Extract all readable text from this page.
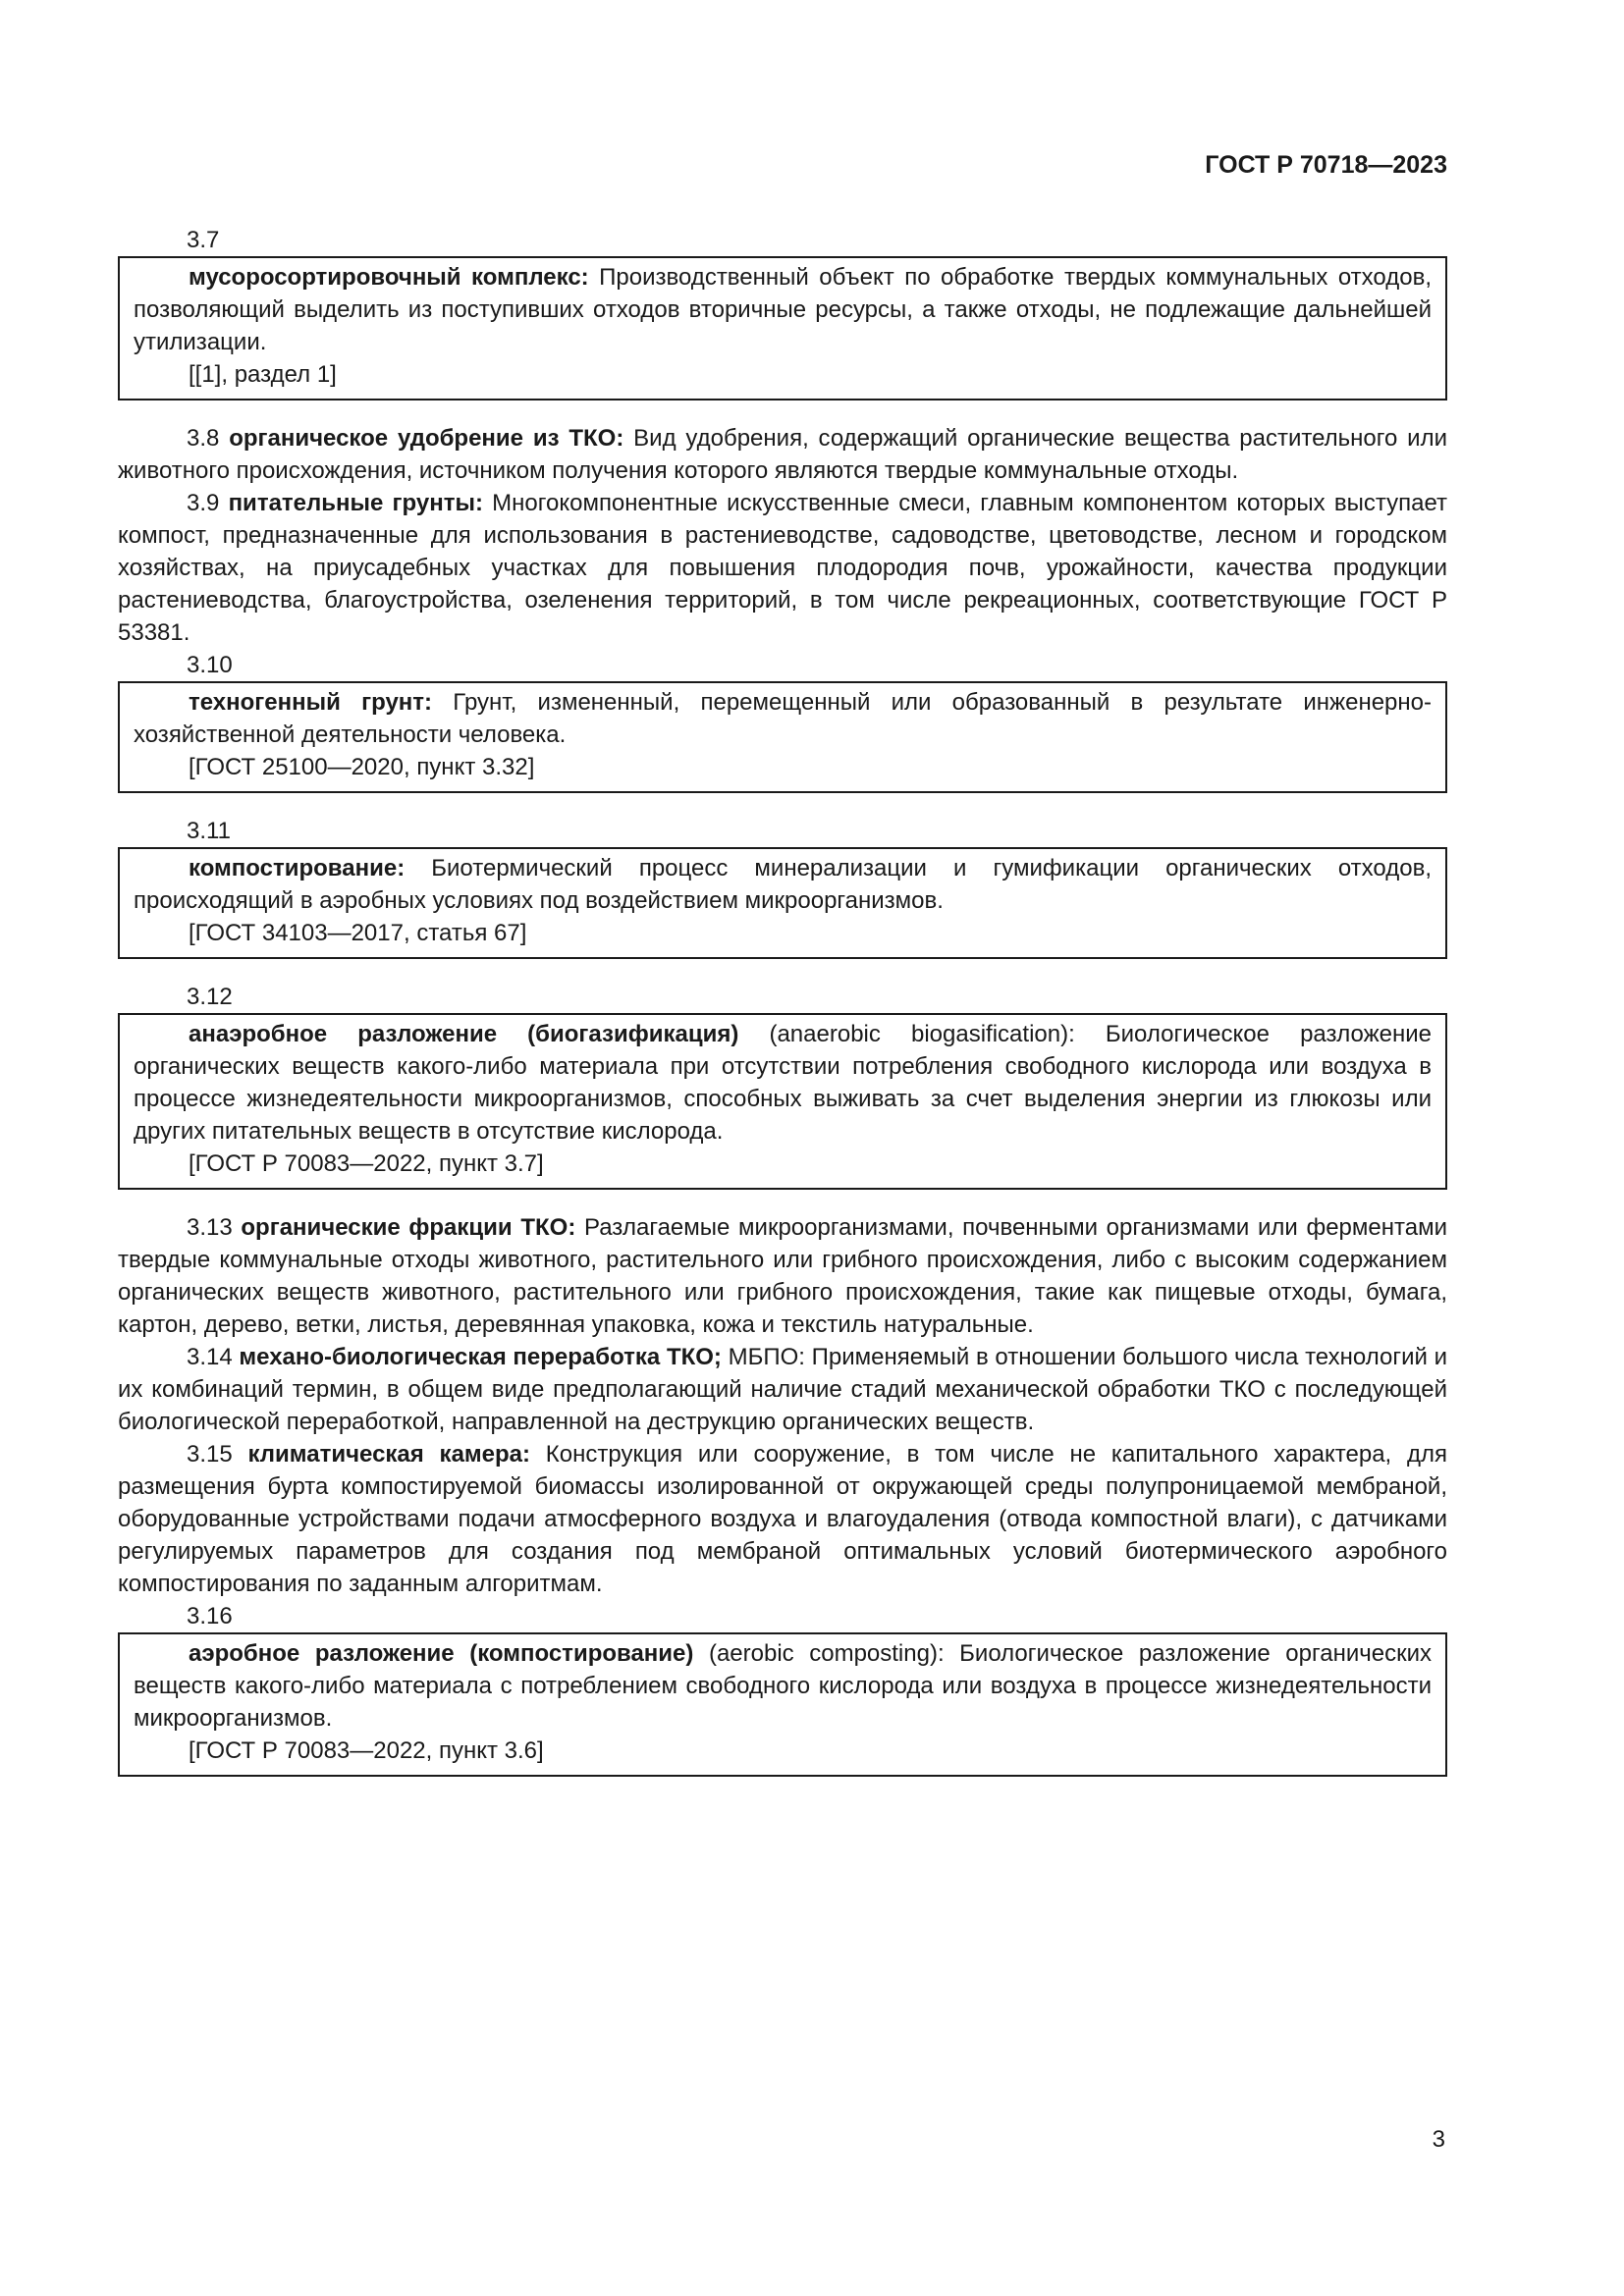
ГОСТ Р 70718—2023

3.7

мусоросортировочный комплекс: Производственный объект по обработке твердых коммунальных отходов, позволяющий выделить из поступивших отходов вторичные ресурсы, а также отходы, не подлежащие дальнейшей утилизации.

[[1], раздел 1]

3.8 органическое удобрение из ТКО: Вид удобрения, содержащий органические вещества растительного или животного происхождения, источником получения которого являются твердые коммунальные отходы.

3.9 питательные грунты: Многокомпонентные искусственные смеси, главным компонентом которых выступает компост, предназначенные для использования в растениеводстве, садоводстве, цветоводстве, лесном и городском хозяйствах, на приусадебных участках для повышения плодородия почв, урожайности, качества продукции растениеводства, благоустройства, озеленения территорий, в том числе рекреационных, соответствующие ГОСТ Р 53381.

3.10

техногенный грунт: Грунт, измененный, перемещенный или образованный в результате инженерно-хозяйственной деятельности человека.

[ГОСТ 25100—2020, пункт 3.32]

3.11

компостирование: Биотермический процесс минерализации и гумификации органических отходов, происходящий в аэробных условиях под воздействием микроорганизмов.

[ГОСТ 34103—2017, статья 67]

3.12

анаэробное разложение (биогазификация) (anaerobic biogasification): Биологическое разложение органических веществ какого-либо материала при отсутствии потребления свободного кислорода или воздуха в процессе жизнедеятельности микроорганизмов, способных выживать за счет выделения энергии из глюкозы или других питательных веществ в отсутствие кислорода.

[ГОСТ Р 70083—2022, пункт 3.7]

3.13 органические фракции ТКО: Разлагаемые микроорганизмами, почвенными организмами или ферментами твердые коммунальные отходы животного, растительного или грибного происхождения, либо с высоким содержанием органических веществ животного, растительного или грибного происхождения, такие как пищевые отходы, бумага, картон, дерево, ветки, листья, деревянная упаковка, кожа и текстиль натуральные.

3.14 механо-биологическая переработка ТКО; МБПО: Применяемый в отношении большого числа технологий и их комбинаций термин, в общем виде предполагающий наличие стадий механической обработки ТКО с последующей биологической переработкой, направленной на деструкцию органических веществ.

3.15 климатическая камера: Конструкция или сооружение, в том числе не капитального характера, для размещения бурта компостируемой биомассы изолированной от окружающей среды полупроницаемой мембраной, оборудованные устройствами подачи атмосферного воздуха и влагоудаления (отвода компостной влаги), с датчиками регулируемых параметров для создания под мембраной оптимальных условий биотермического аэробного компостирования по заданным алгоритмам.

3.16

аэробное разложение (компостирование) (aerobic composting): Биологическое разложение органических веществ какого-либо материала с потреблением свободного кислорода или воздуха в процессе жизнедеятельности микроорганизмов.

[ГОСТ Р 70083—2022, пункт 3.6]

3
